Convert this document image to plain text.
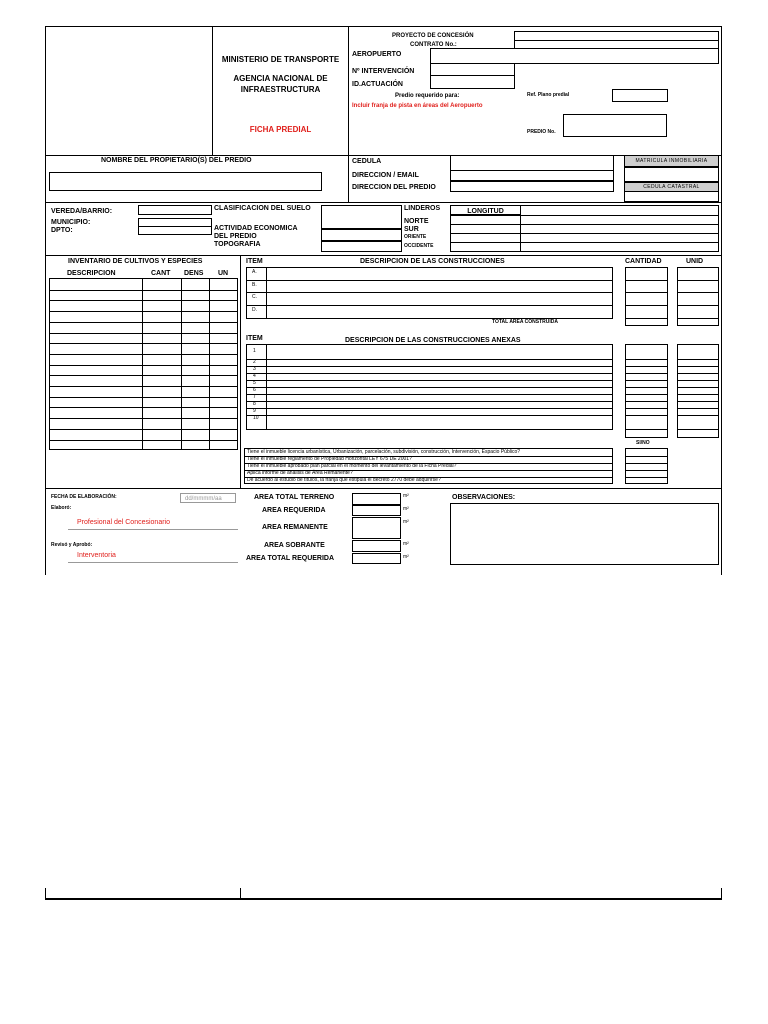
MINISTERIO DE TRANSPORTE
AGENCIA NACIONAL DE
INFRAESTRUCTURA
FICHA PREDIAL
PROYECTO DE CONCESIÓN
CONTRATO No.:
AEROPUERTO
Nº INTERVENCIÓN
ID.ACTUACIÓN
Predio requerido para:
Incluir franja de pista en áreas del Aeropuerto
Ref. Plano predial
PREDIO No.
NOMBRE DEL PROPIETARIO(S) DEL PREDIO	CEDULA
DIRECCION / EMAIL
DIRECCION DEL PREDIO
MATRICULA INMOBILIARIA
CEDULA CATASTRAL
VEREDA/BARRIO:
MUNICIPIO:
DPTO:
CLASIFICACION DEL SUELO
ACTIVIDAD ECONOMICA
DEL PREDIO
TOPOGRAFIA
LINDEROS
NORTE
SUR
ORIENTE
OCCIDENTE
LONGITUD
INVENTARIO DE CULTIVOS Y ESPECIES
DESCRIPCION	CANT DENS UN
ITEM	DESCRIPCION DE LAS CONSTRUCCIONES	CANTIDAD	UNID
A.
B.
C.
D.
TOTAL AREA CONSTRUIDA
ITEM	DESCRIPCION DE LAS CONSTRUCCIONES ANEXAS
1
2
3
4
5
6
7
8
9
10
SI/NO
Tiene el inmueble licencia urbanística, Urbanización, parcelación, subdivisión, construcción, Intervención, Espacio Público?
Tiene el inmueble reglamento de Propiedad Horizontal LEY 675 DE 2001?
Tiene el inmueble aprobado plan parcial en el momento del levantamiento de la Ficha Predial?
Aplica informe de análisis de Área Remanente?
De acuerdo al estudio de títulos, la franja que estipula el decreto 2770 debe adquirirse?
FECHA DE ELABORACIÓN:	dd/mmmm/aa
Elaboró:
Profesional del Concesionario
Revisó y Aprobó:
Interventoria
AREA TOTAL TERRENO	m²
AREA REQUERIDA	m²
AREA REMANENTE
m²
AREA SOBRANTE	m²
AREA TOTAL REQUERIDA	m²
OBSERVACIONES:
